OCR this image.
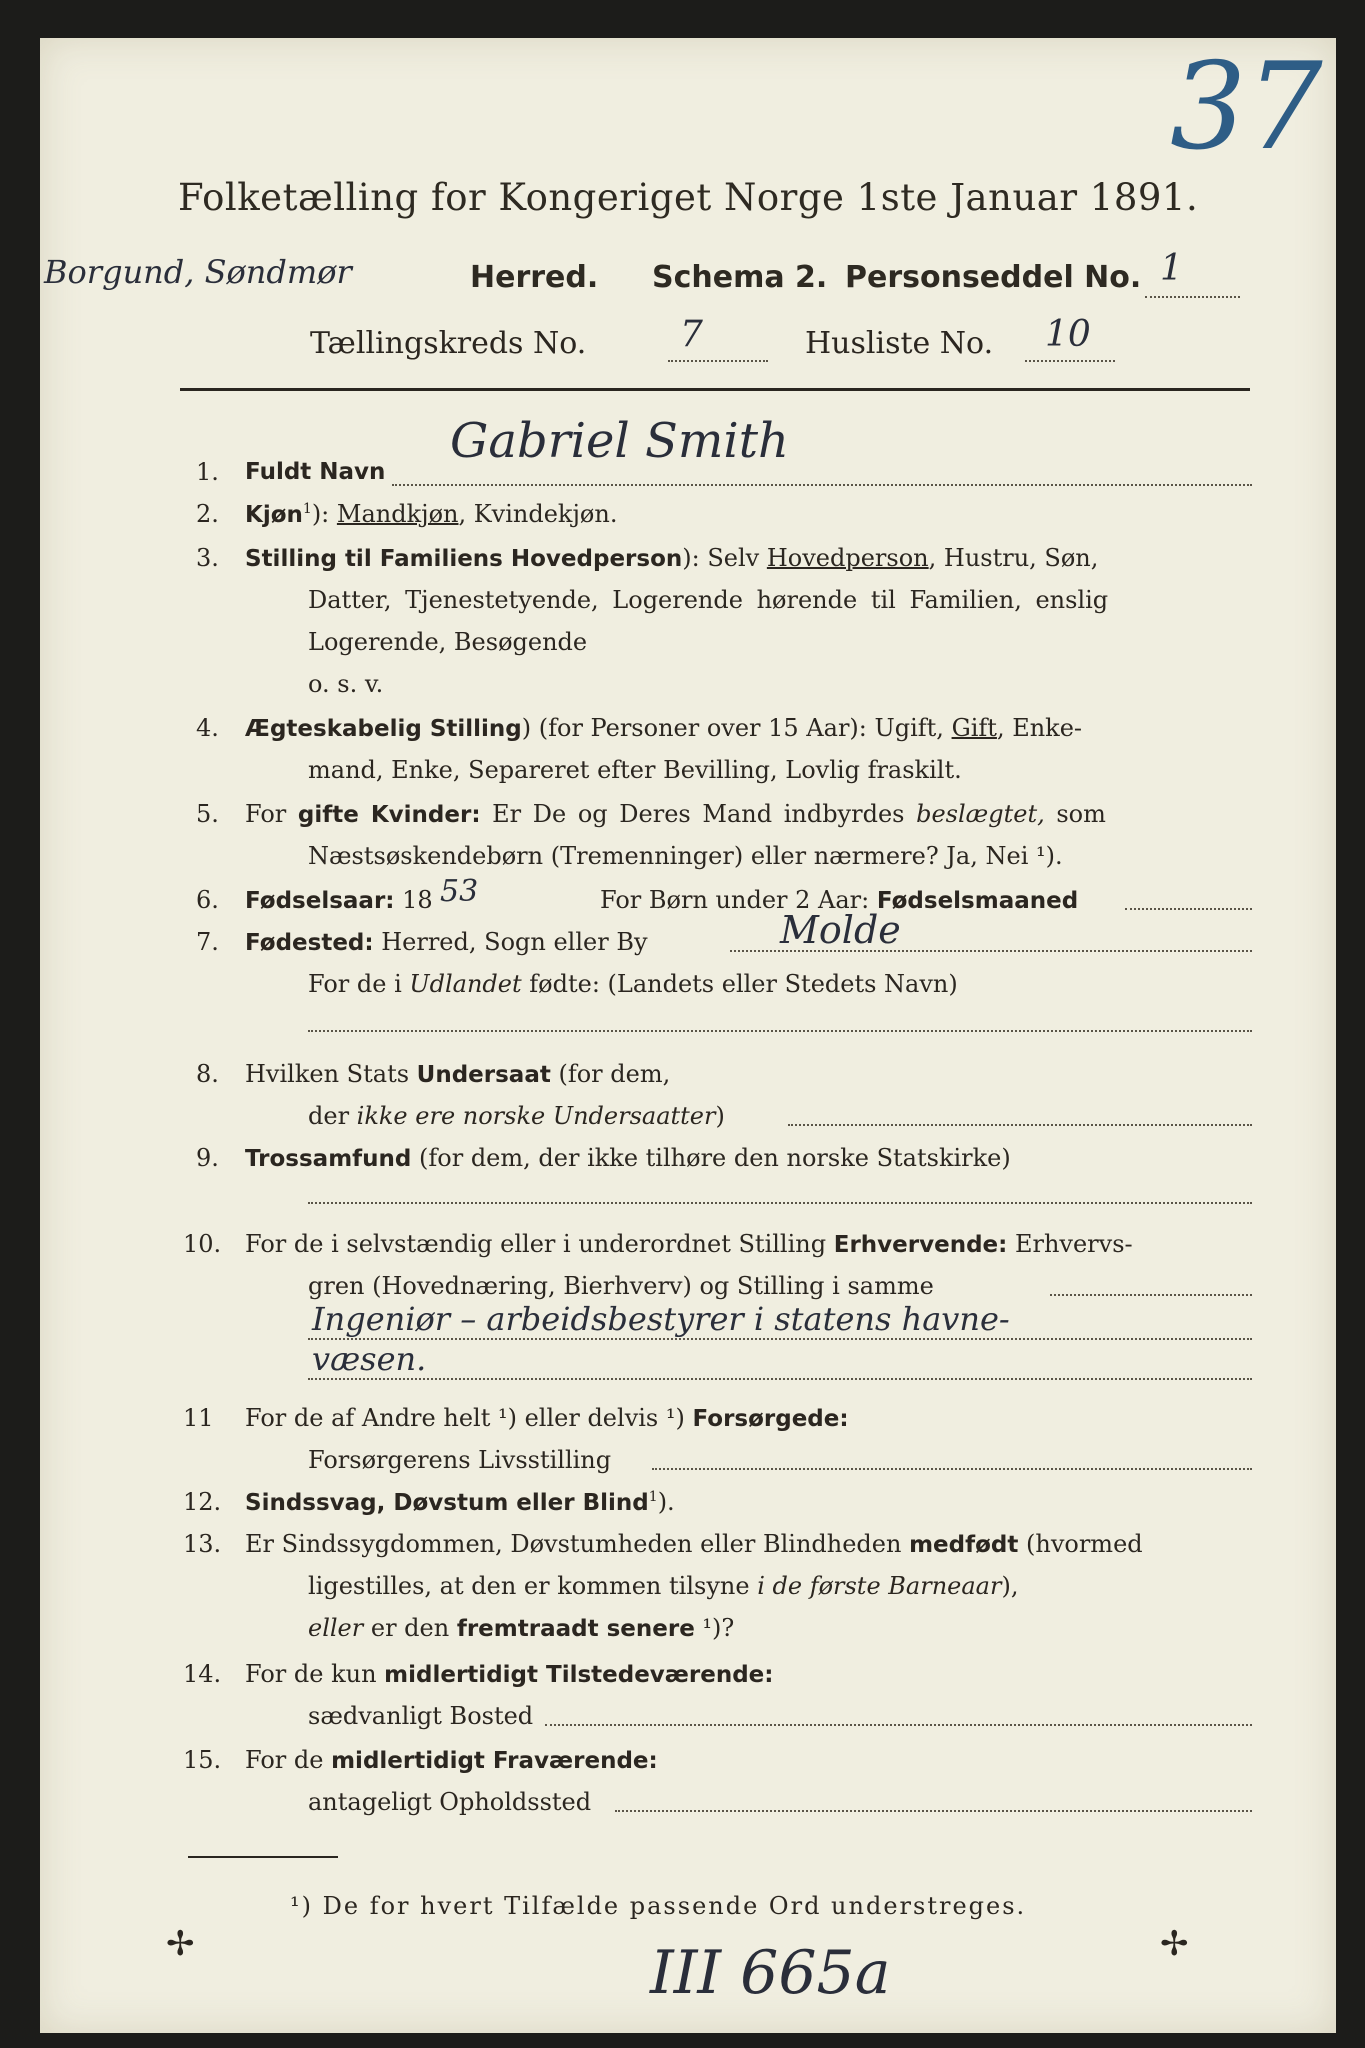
37
Folketælling for Kongeriget Norge 1ste Januar 1891.
Borgund, Søndmør	Herred. Schema 2. Personseddel No. 1
Tællingskreds No.	7	Husliste No. 10
1. Fuldt Navn
Gabriel Smith
2. Kjøn$^1$): Mandkjøn, Kvindekjøn.
3. Stilling til Familiens Hovedperson): Selv Hovedperson, Hustru, Søn,
Datter, Tjenestetyende, Logerende hørende til Familien, enslig
Logerende, Besøgende
o. s. v.
4. Ægteskabelig Stilling) (for Personer over 15 Aar): Ugift, Gift, Enke-
mand, Enke, Separeret efter Bevilling, Lovlig fraskilt.
5. For gifte Kvinder: Er De og Deres Mand indbyrdes beslægtet, som
Næstsøskendebørn (Tremenninger) eller nærmere? Ja, Nei ¹).
6. Fødselsaar: 18 53	For Børn under 2 Aar: Fødselsmaaned
7. Fødested: Herred, Sogn eller By	Molde
For de i Udlandet fødte: (Landets eller Stedets Navn)
8. Hvilken Stats Undersaat (for dem,
der ikke ere norske Undersaatter)
9. Trossamfund (for dem, der ikke tilhøre den norske Statskirke)
10. For de i selvstændig eller i underordnet Stilling Erhvervende: Erhvervs-
gren (Hovednæring, Bierhverv) og Stilling i samme
Ingeniør – arbeidsbestyrer i statens havne-
væsen.
11 For de af Andre helt ¹) eller delvis ¹) Forsørgede:
Forsørgerens Livsstilling
12. Sindssvag, Døvstum eller Blind$^1$).
13. Er Sindssygdommen, Døvstumheden eller Blindheden medfødt (hvormed
ligestilles, at den er kommen tilsyne i de første Barneaar),
eller er den fremtraadt senere ¹)?
14. For de kun midlertidigt Tilstedeværende:
sædvanligt Bosted
15. For de midlertidigt Fraværende:
antageligt Opholdssted
¹) De for hvert Tilfælde passende Ord understreges.
✢	III 665a	✢
